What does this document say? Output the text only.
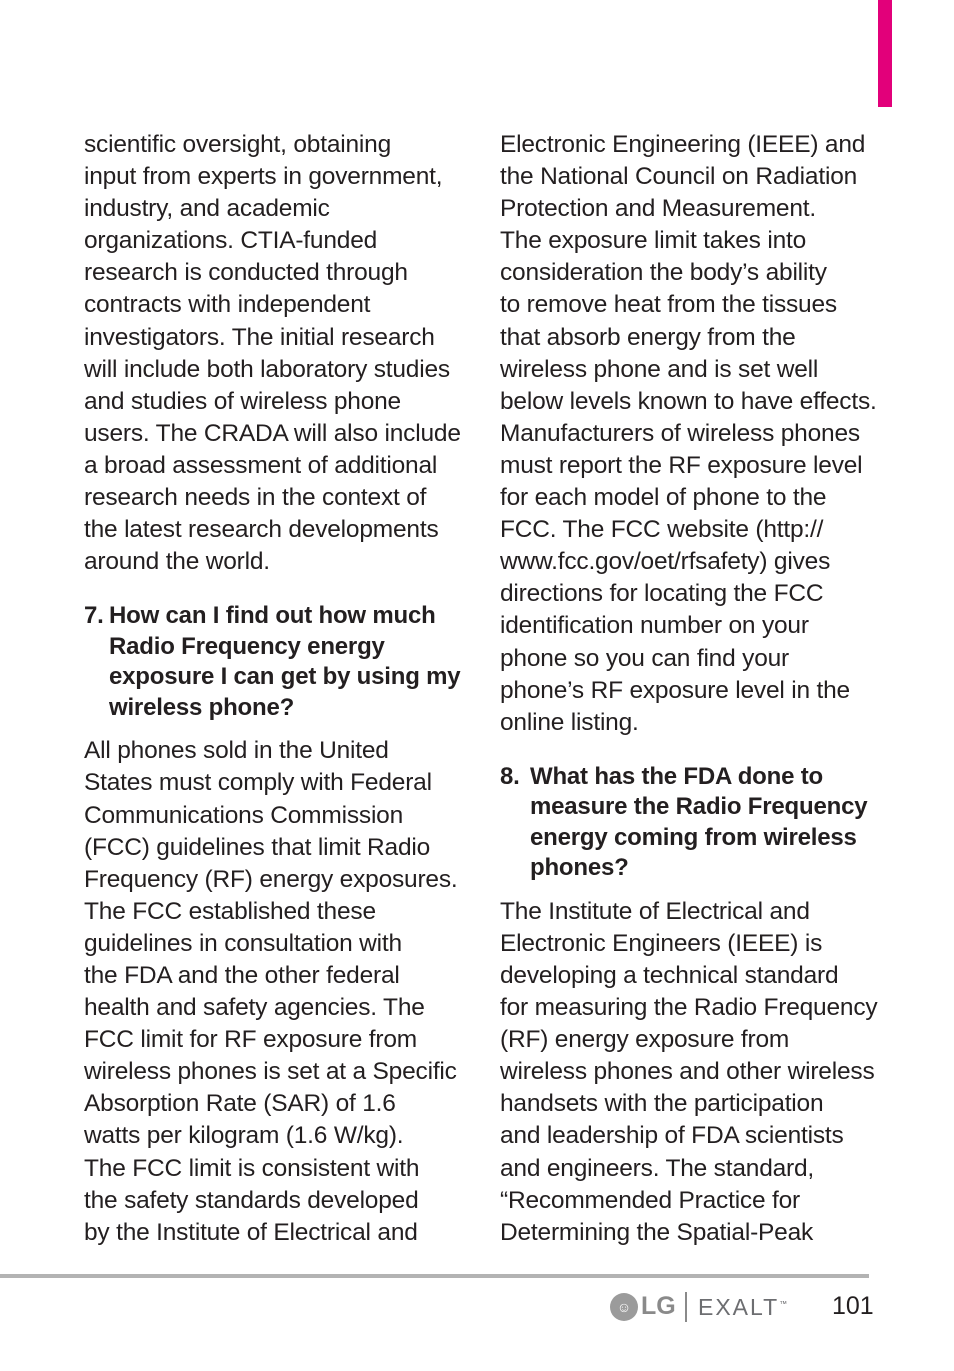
scientific oversight, obtaining
input from experts in government,
industry, and academic
organizations. CTIA-funded
research is conducted through
contracts with independent
investigators. The initial research
will include both laboratory studies
and studies of wireless phone
users. The CRADA will also include
a broad assessment of additional
research needs in the context of
the latest research developments
around the world.

7. How can I find out how much
Radio Frequency energy
exposure I can get by using my
wireless phone?

All phones sold in the United
States must comply with Federal
Communications Commission
(FCC) guidelines that limit Radio
Frequency (RF) energy exposures.
The FCC established these
guidelines in consultation with
the FDA and the other federal
health and safety agencies. The
FCC limit for RF exposure from
wireless phones is set at a Specific
Absorption Rate (SAR) of 1.6
watts per kilogram (1.6 W/kg).
The FCC limit is consistent with
the safety standards developed
by the Institute of Electrical and

Electronic Engineering (IEEE) and
the National Council on Radiation
Protection and Measurement.
The exposure limit takes into
consideration the body’s ability
to remove heat from the tissues
that absorb energy from the
wireless phone and is set well
below levels known to have effects.
Manufacturers of wireless phones
must report the RF exposure level
for each model of phone to the
FCC. The FCC website (http://
www.fcc.gov/oet/rfsafety) gives
directions for locating the FCC
identification number on your
phone so you can find your
phone’s RF exposure level in the
online listing.

8. What has the FDA done to
measure the Radio Frequency
energy coming from wireless
phones?

The Institute of Electrical and
Electronic Engineers (IEEE) is
developing a technical standard
for measuring the Radio Frequency
(RF) energy exposure from
wireless phones and other wireless
handsets with the participation
and leadership of FDA scientists
and engineers. The standard,
“Recommended Practice for
Determining the Spatial-Peak

☺ LG EXALT™ 101
